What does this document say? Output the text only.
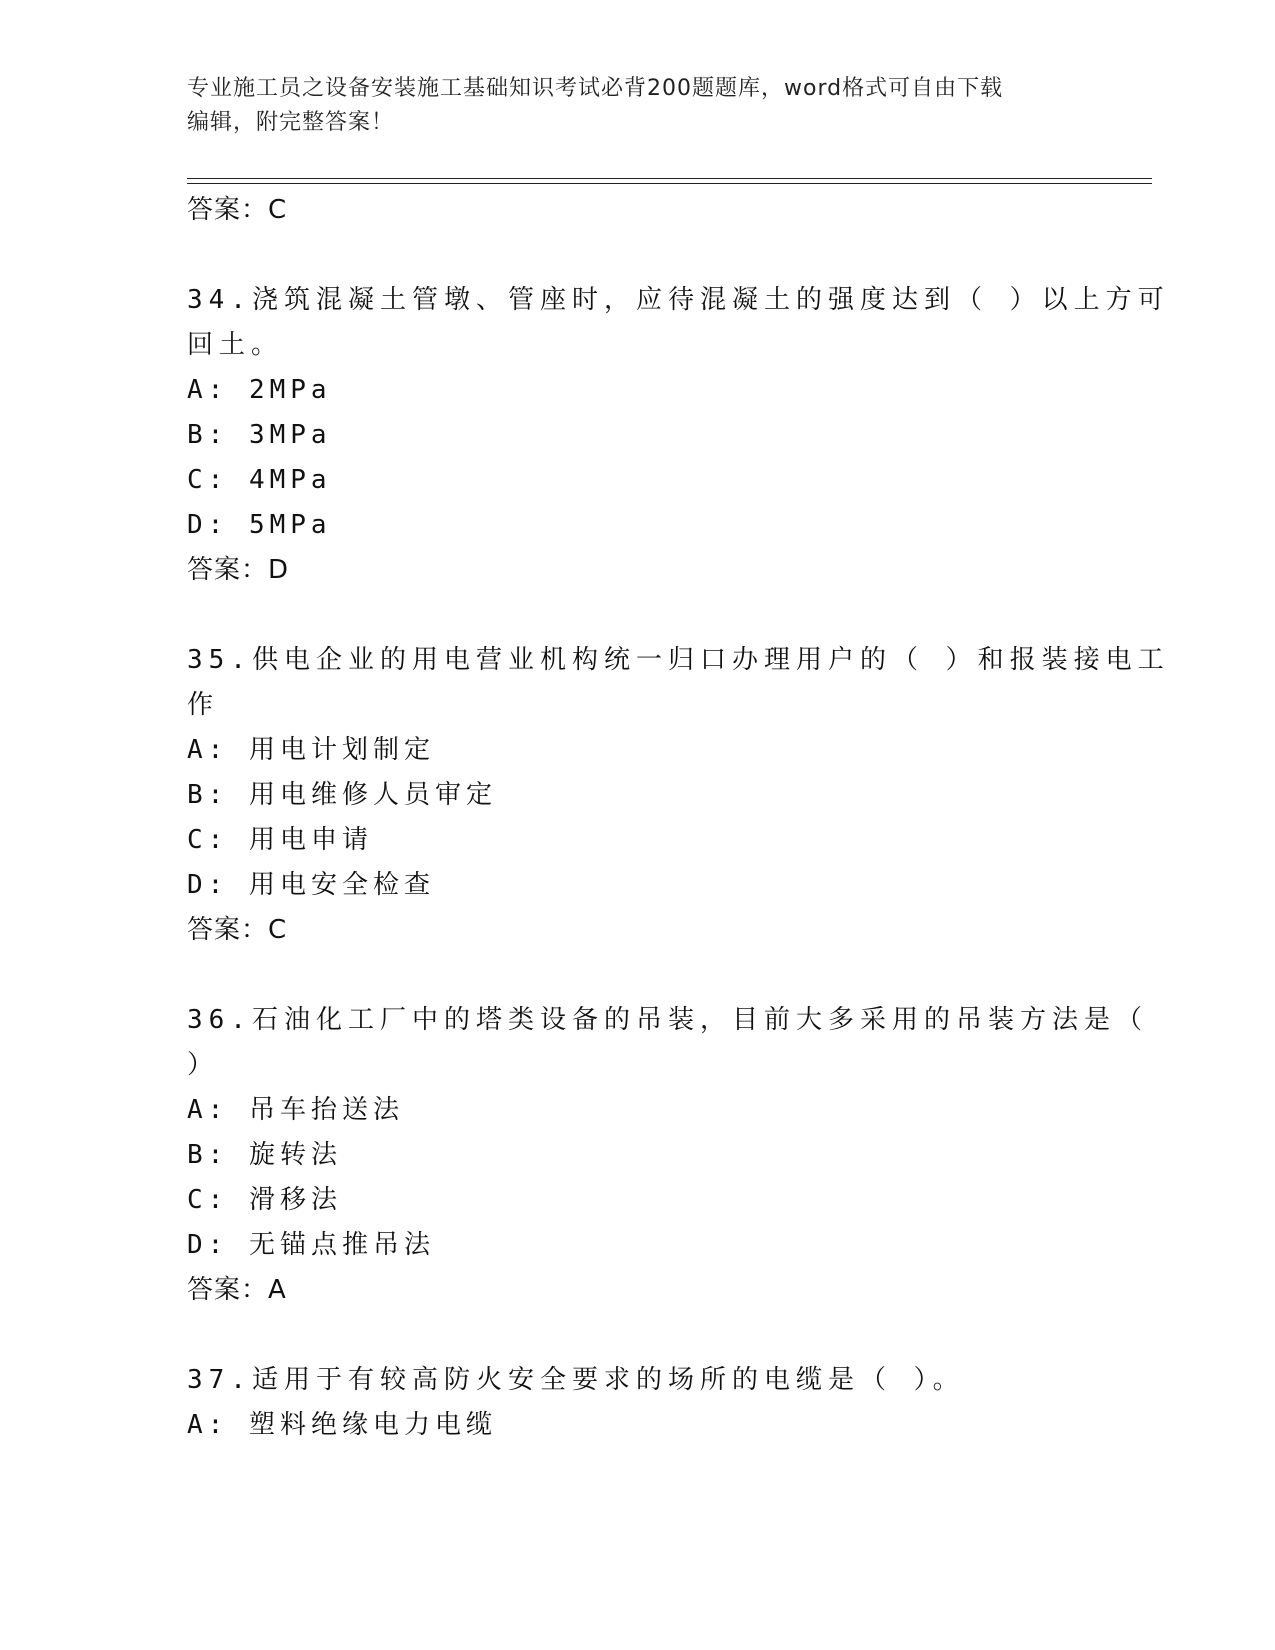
专业施工员之设备安装施工基础知识考试必背200题题库，word格式可自由下载
编辑，附完整答案！
答案：C
34.浇筑混凝土管墩、管座时，应待混凝土的强度达到（ ）以上方可
回土。
A: 2MPa
B: 3MPa
C: 4MPa
D: 5MPa
答案：D
35.供电企业的用电营业机构统一归口办理用户的（ ）和报装接电工
作
A: 用电计划制定
B: 用电维修人员审定
C: 用电申请
D: 用电安全检查
答案：C
36.石油化工厂中的塔类设备的吊装，目前大多采用的吊装方法是（
）
A: 吊车抬送法
B: 旋转法
C: 滑移法
D: 无锚点推吊法
答案：A
37.适用于有较高防火安全要求的场所的电缆是（ ）。
A: 塑料绝缘电力电缆
